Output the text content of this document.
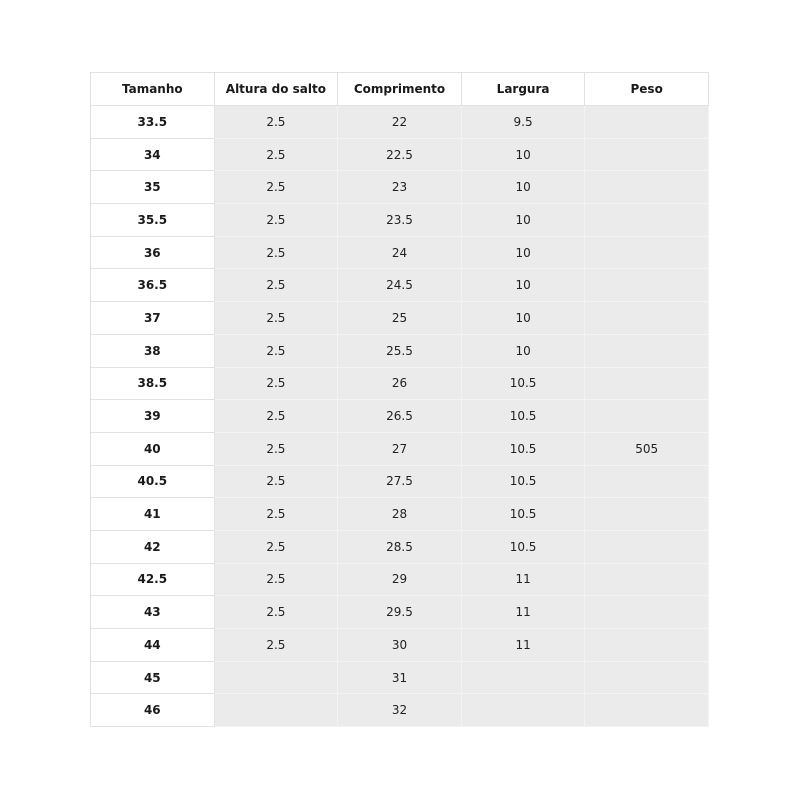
Tamanho	Altura do salto	Comprimento	Largura	Peso
33.5	2.5	22	9.5	
34	2.5	22.5	10	
35	2.5	23	10	
35.5	2.5	23.5	10	
36	2.5	24	10	
36.5	2.5	24.5	10	
37	2.5	25	10	
38	2.5	25.5	10	
38.5	2.5	26	10.5	
39	2.5	26.5	10.5	
40	2.5	27	10.5	505
40.5	2.5	27.5	10.5	
41	2.5	28	10.5	
42	2.5	28.5	10.5	
42.5	2.5	29	11	
43	2.5	29.5	11	
44	2.5	30	11	
45		31		
46		32		
